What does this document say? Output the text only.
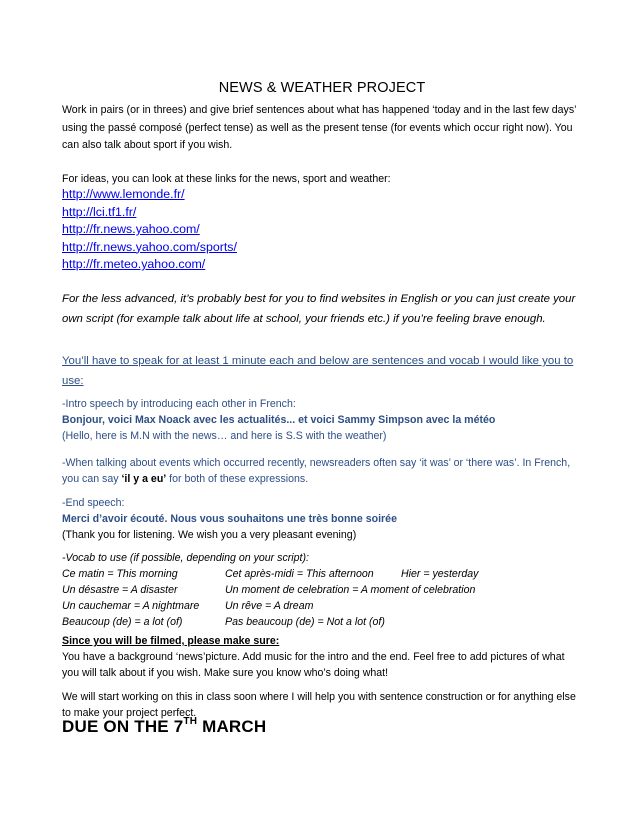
NEWS & WEATHER PROJECT
Work in pairs (or in threes) and give brief sentences about what has happened ‘today and in the last few days’ using the passé composé (perfect tense) as well as the present tense (for events which occur right now). You can also talk about sport if you wish.
For ideas, you can look at these links for the news, sport and weather:
http://www.lemonde.fr/
http://lci.tf1.fr/
http://fr.news.yahoo.com/
http://fr.news.yahoo.com/sports/
http://fr.meteo.yahoo.com/
For the less advanced, it’s probably best for you to find websites in English or you can just create your own script (for example talk about life at school, your friends etc.) if you’re feeling brave enough.
You’ll have to speak for at least 1 minute each and below are sentences and vocab I would like you to use:
-Intro speech by introducing each other in French:
Bonjour, voici Max Noack avec les actualités... et voici Sammy Simpson avec la météo
(Hello, here is M.N with the news… and here is S.S with the weather)
-When talking about events which occurred recently, newsreaders often say ‘it was’ or ‘there was’. In French, you can say ‘il y a eu’ for both of these expressions.
-End speech:
Merci d’avoir écouté. Nous vous souhaitons une très bonne soirée
(Thank you for listening. We wish you a very pleasant evening)
-Vocab to use (if possible, depending on your script):
Ce matin = This morning	Cet après-midi = This afternoon	Hier = yesterday
Un désastre = A disaster	Un moment de celebration = A moment of celebration
Un cauchemar = A nightmare	Un rêve = A dream
Beaucoup (de) = a lot (of)	Pas beaucoup (de) = Not a lot (of)
Since you will be filmed, please make sure:
You have a background ‘news’picture. Add music for the intro and the end. Feel free to add pictures of what you will talk about if you wish. Make sure you know who’s doing what!
We will start working on this in class soon where I will help you with sentence construction or for anything else to make your project perfect.
DUE ON THE 7TH MARCH
